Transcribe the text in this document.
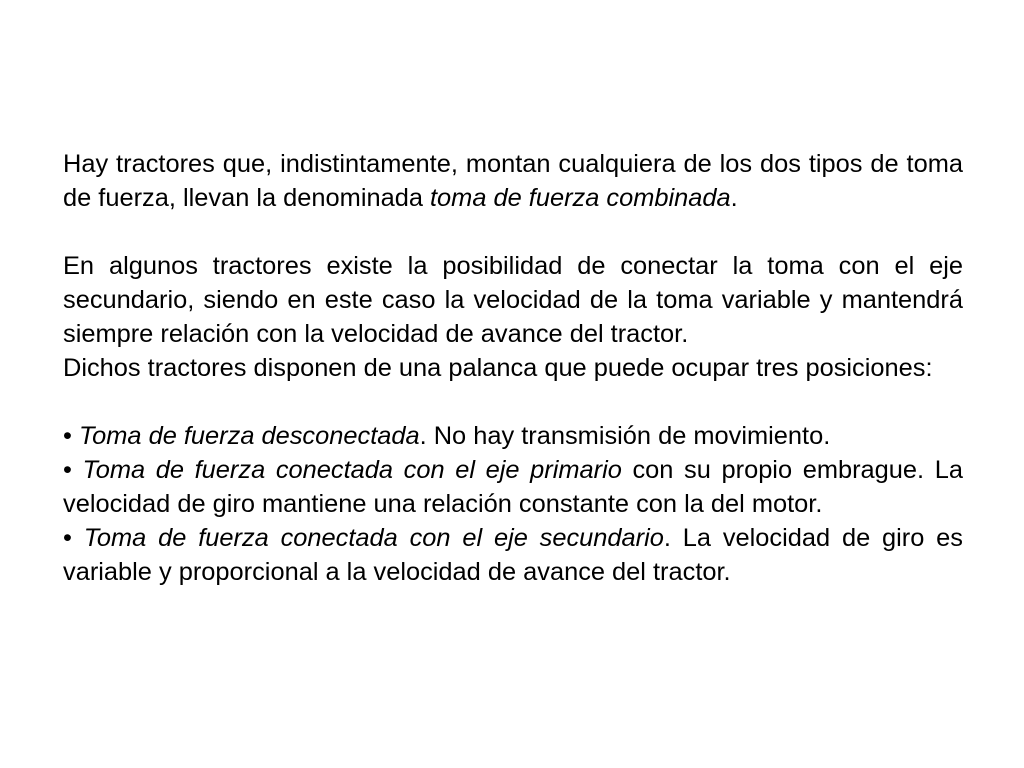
Hay tractores que, indistintamente, montan cualquiera de los dos tipos de toma de fuerza, llevan la denominada toma de fuerza combinada.

En algunos tractores existe la posibilidad de conectar la toma con el eje secundario, siendo en este caso la velocidad de la toma variable y mantendrá siempre relación con la velocidad de avance del tractor.

Dichos tractores disponen de una palanca que puede ocupar tres posiciones:

• Toma de fuerza desconectada. No hay transmisión de movimiento.

• Toma de fuerza conectada con el eje primario con su propio embrague. La velocidad de giro mantiene una relación constante con la del motor.

• Toma de fuerza conectada con el eje secundario. La velocidad de giro es variable y proporcional a la velocidad de avance del tractor.
